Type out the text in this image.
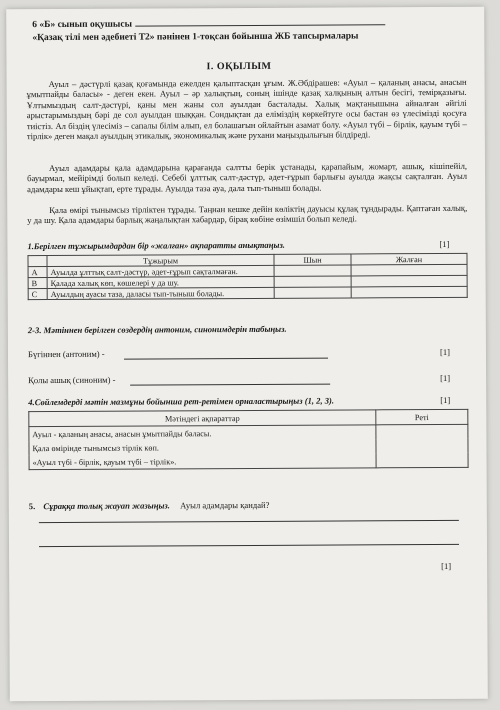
6 «Б» сынып оқушысы
«Қазақ тілі мен әдебиеті Т2» пәнінен 1-тоқсан бойынша ЖБ тапсырмалары
I. ОҚЫЛЫМ
Ауыл – дәстүрлі қазақ қоғамында ежелден қалыптасқан ұғым. Ж.Әбдірашев: «Ауыл – қаланың анасы, анасын ұмытпайды баласы» - деген екен. Ауыл – әр халықтың, соның ішінде қазақ халқының алтын бесігі, темірқазығы. Ұлтымыздың салт-дәстүрі, қаны мен жаны сол ауылдан басталады. Халық мақтанышына айналған әйгілі арыстарымыздың бәрі де сол ауылдан шыққан. Сондықтан да еліміздің көркейтуге осы бастан өз үлесімізді қосуға тиістіз. Ал біздің үлесіміз – сапалы білім алып, ел болашағын ойлайтын азамат болу. «Ауыл түбі – бірлік, қауым түбі – тірлік» деген мақал ауылдың этикалық, экономикалық және рухани маңыздылығын білдіреді.
Ауыл адамдары қала адамдарына қарағанда салтты берік ұстанады, қарапайым, жомарт, ашық, кішіпейіл, бауырмал, мейірімді болып келеді. Себебі ұлттық салт-дәстүр, әдет-ғұрып барлығы ауылда жақсы сақталған. Ауыл адамдары кеш ұйықтап, ерте тұрады. Ауылда таза ауа, дала тып-тыныш болады.
Қала өмірі тынымсыз тірліктен тұрады. Таңнан кешке дейін көліктің дауысы құлақ тұндырады. Қаптаған халық, у да шу. Қала адамдары барлық жаңалықтан хабардар, бірақ көбіне өзімшіл болып келеді.
1.Берілген тұжырымдардан бір «жалған» ақпаратты анықтаңыз.	[1]
	Тұжырым	Шын	Жалған
A	Ауылда ұлттық салт-дәстүр, әдет-ғұрып сақталмаған.		
B	Қалада халық көп, көшелері у да шу.		
C	Ауылдың ауасы таза, даласы тып-тыныш болады.		
2-3. Мәтіннен берілген сөздердің антоним, синонимдерін табыңыз.
Бүгіннен (антоним) -	[1]
Қолы ашық (синоним) -	[1]
4.Сөйлемдерді мәтін мазмұны бойынша рет-ретімен орналастырыңыз (1, 2, 3).	[1]
Мәтіндегі ақпараттар	Реті
Ауыл - қаланың анасы, анасын ұмытпайды баласы.	
Қала өмірінде тынымсыз тірлік көп.	
«Ауыл түбі - бірлік, қауым түбі – тірлік».	
5. Сұраққа толық жауап жазыңыз. Ауыл адамдары қандай?
[1]
